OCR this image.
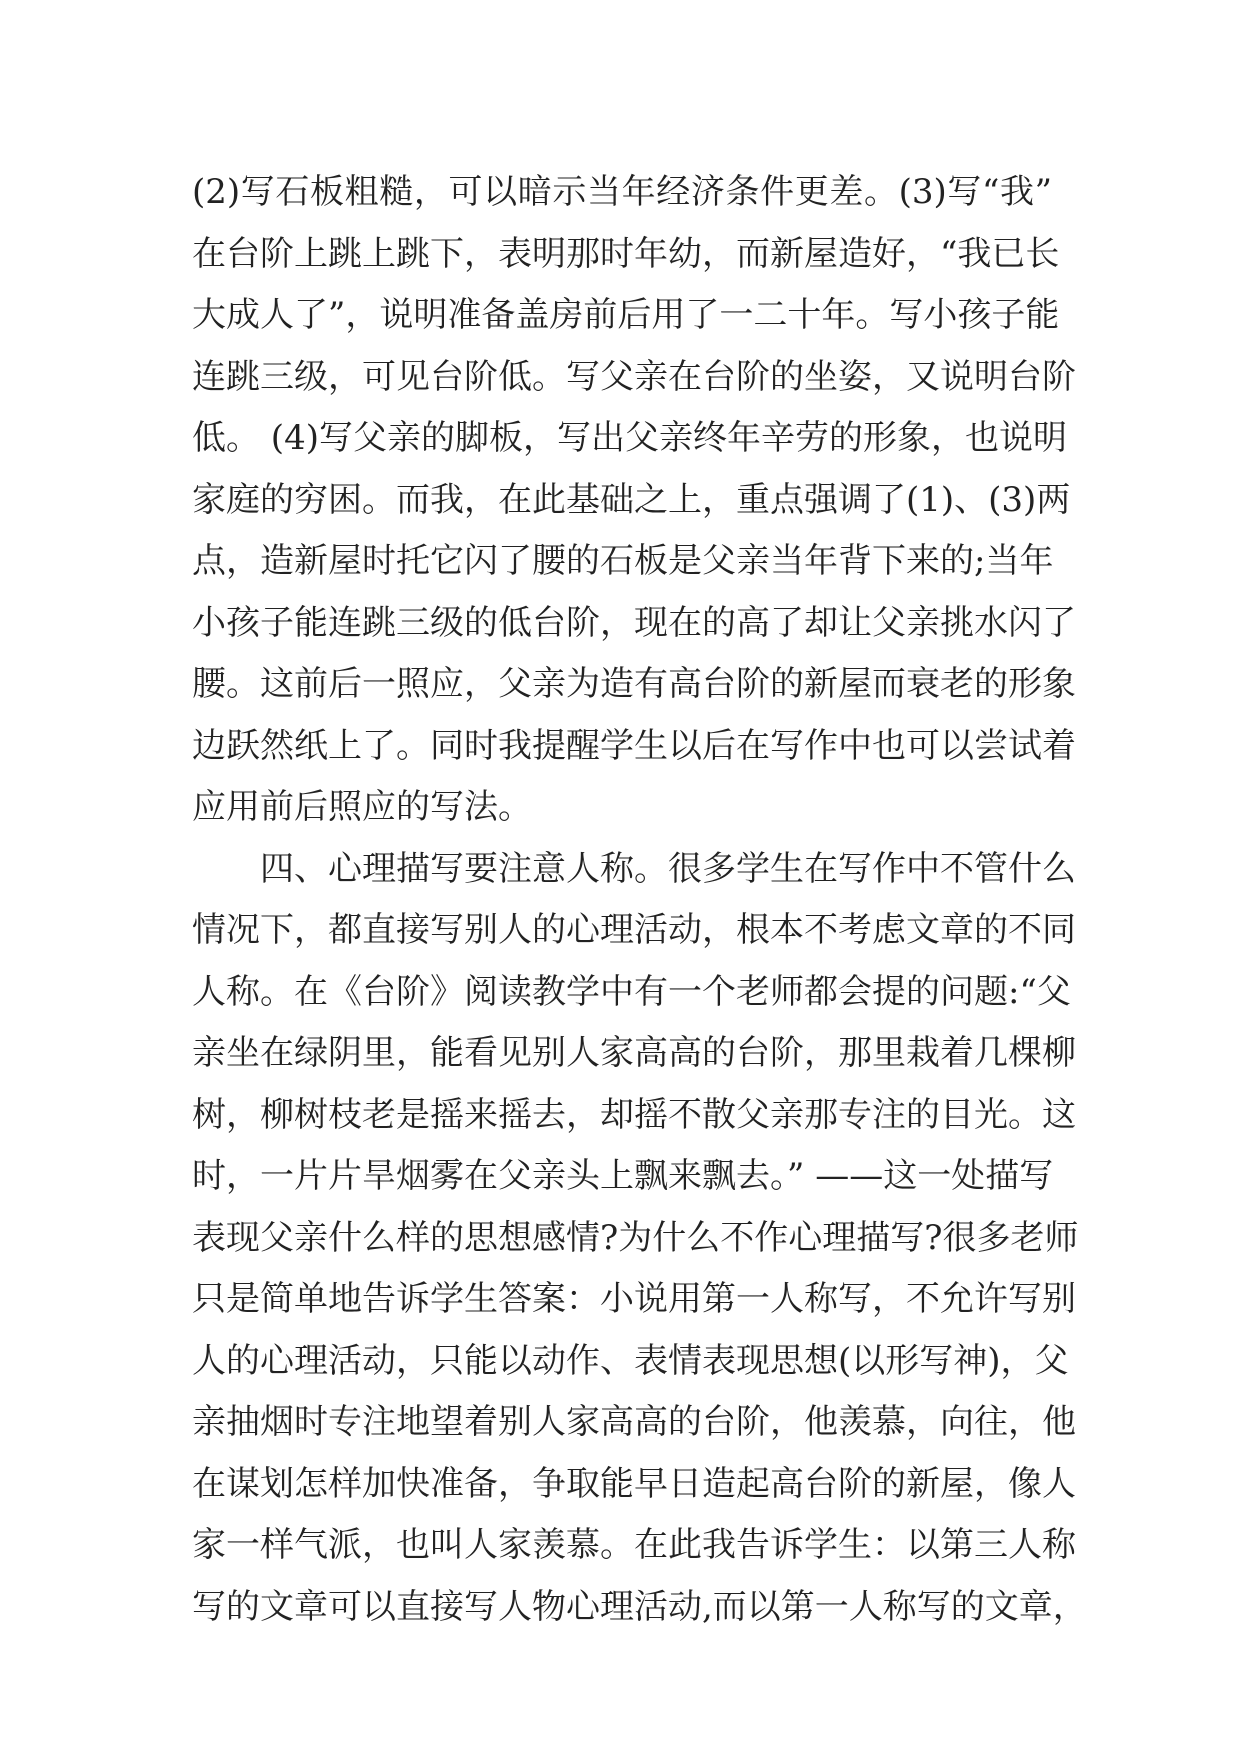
(2)写石板粗糙，可以暗示当年经济条件更差。(3)写“我”
在台阶上跳上跳下，表明那时年幼，而新屋造好，“我已长
大成人了”，说明准备盖房前后用了一二十年。写小孩子能
连跳三级，可见台阶低。写父亲在台阶的坐姿，又说明台阶
低。 (4)写父亲的脚板，写出父亲终年辛劳的形象，也说明
家庭的穷困。而我，在此基础之上，重点强调了(1)、(3)两
点，造新屋时托它闪了腰的石板是父亲当年背下来的;当年
小孩子能连跳三级的低台阶，现在的高了却让父亲挑水闪了
腰。这前后一照应，父亲为造有高台阶的新屋而衰老的形象
边跃然纸上了。同时我提醒学生以后在写作中也可以尝试着
应用前后照应的写法。
四、心理描写要注意人称。很多学生在写作中不管什么
情况下，都直接写别人的心理活动，根本不考虑文章的不同
人称。在《台阶》阅读教学中有一个老师都会提的问题:“父
亲坐在绿阴里，能看见别人家高高的台阶，那里栽着几棵柳
树，柳树枝老是摇来摇去，却摇不散父亲那专注的目光。这
时，一片片旱烟雾在父亲头上飘来飘去。” ——这一处描写
表现父亲什么样的思想感情?为什么不作心理描写?很多老师
只是简单地告诉学生答案：小说用第一人称写，不允许写别
人的心理活动，只能以动作、表情表现思想(以形写神)，父
亲抽烟时专注地望着别人家高高的台阶，他羡慕，向往，他
在谋划怎样加快准备，争取能早日造起高台阶的新屋，像人
家一样气派，也叫人家羡慕。在此我告诉学生：以第三人称
写的文章可以直接写人物心理活动,而以第一人称写的文章，
